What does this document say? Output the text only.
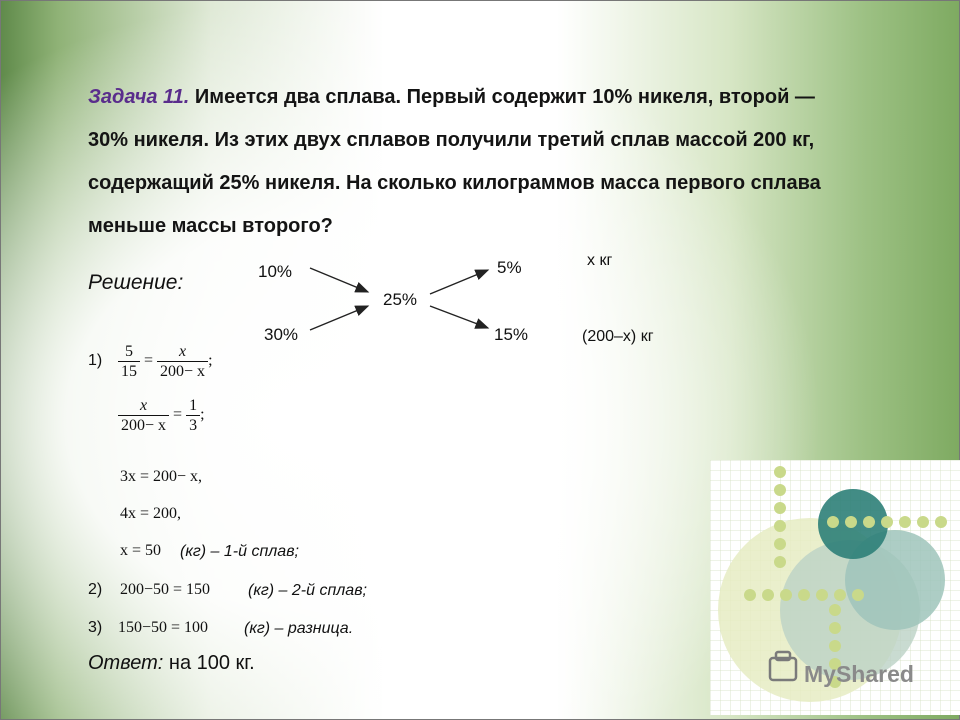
Задача 11. Имеется два сплава. Первый содержит 10% никеля, второй — 30% никеля. Из этих двух сплавов получили третий сплав массой 200 кг, содержащий 25% никеля. На сколько килограммов масса первого сплава меньше массы второго?
Решение:	10%
30%
25%
5%
15%
х кг
(200–х) кг
$1) \frac{5}{15} = \frac{x}{200- x}$ ;
$\frac{x}{200- x} = \frac{1}{3}$ ;
3x = 200− x,
4x = 200,
x = 50 (кг) – 1-й сплав;
2) 200−50 = 150 (кг) – 2-й сплав;
3) 150−50 = 100 (кг) – разница.
Ответ: на 100 кг.	MyShared
